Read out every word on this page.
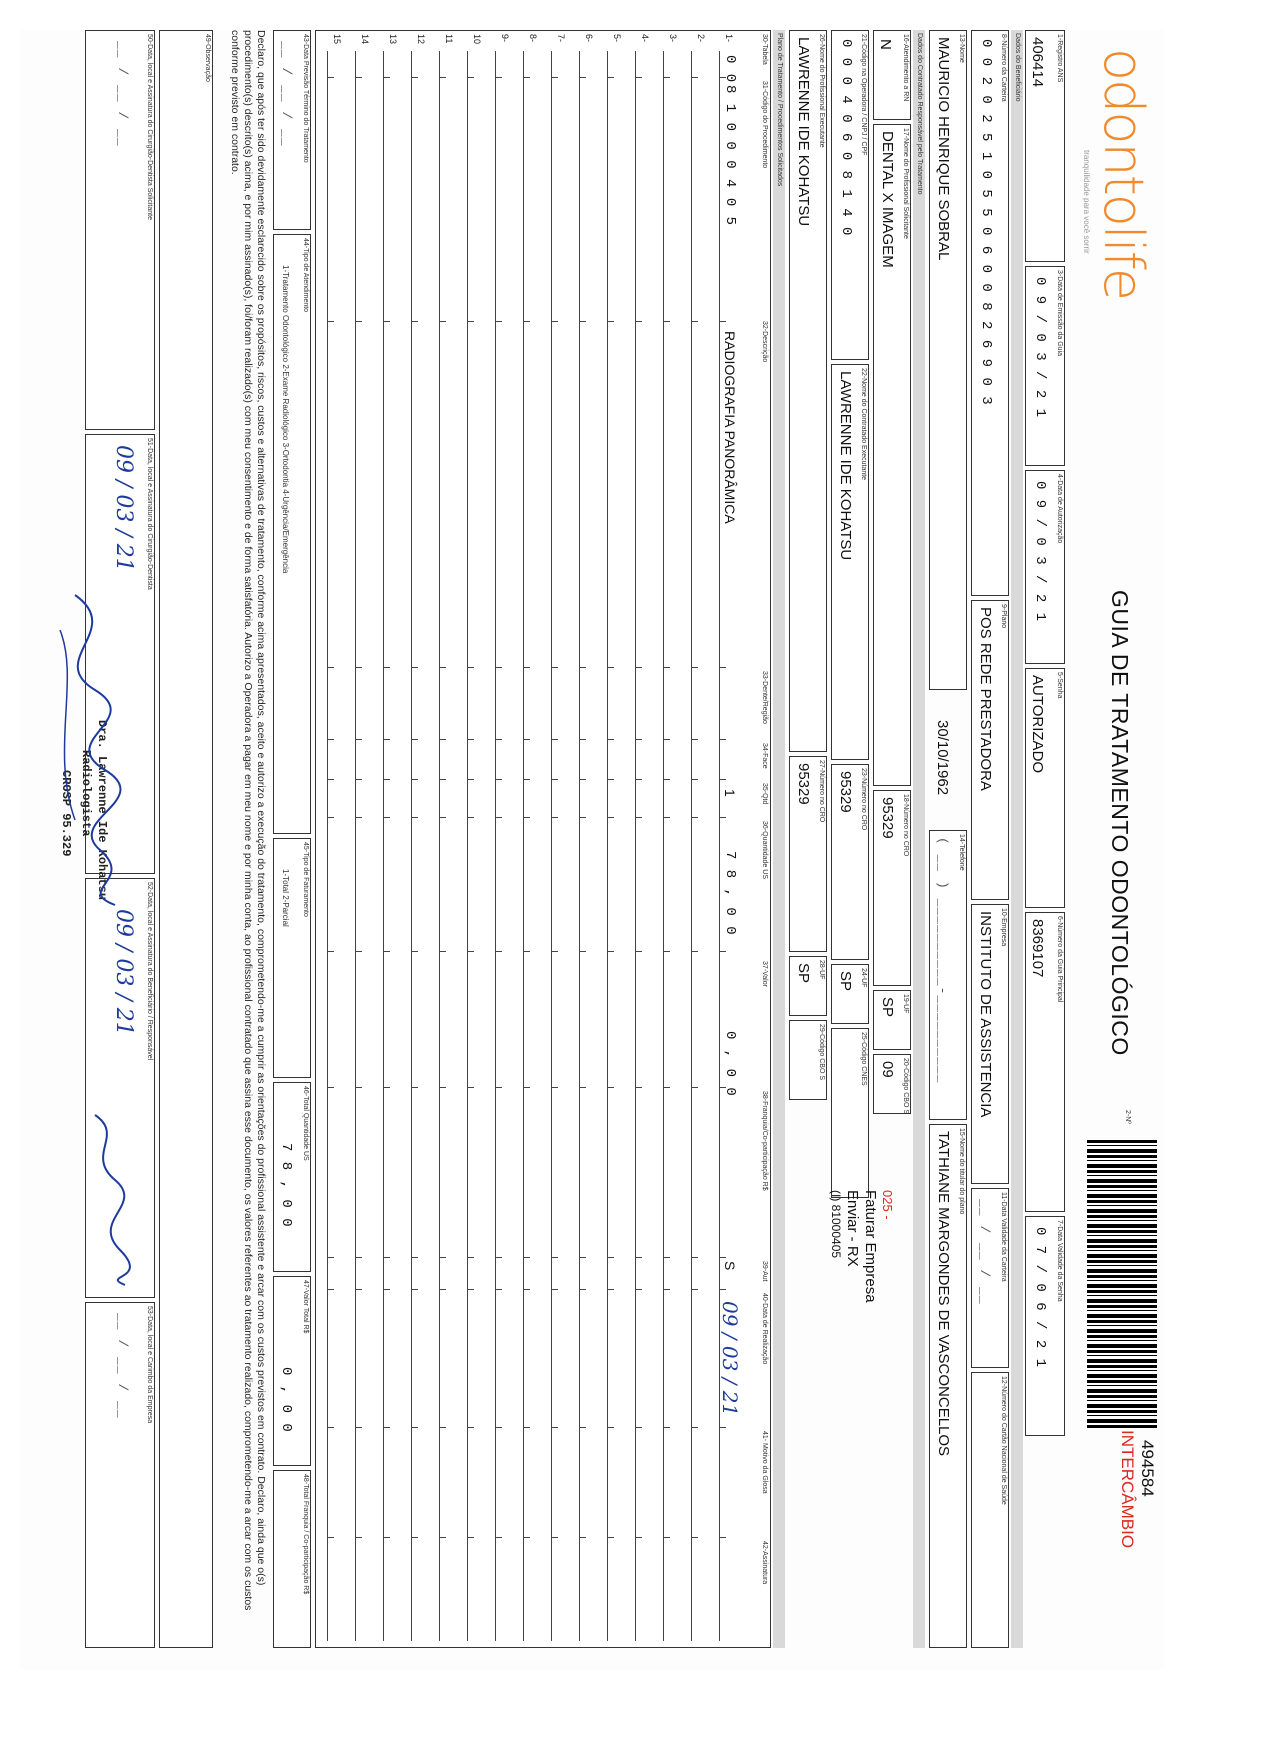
odontolife
tranquilidade para você sorrir
GUIA DE TRATAMENTO ODONTOLÓGICO
2-Nº
494584
INTERCÂMBIO
1-Registro ANS
406414
3-Data de Emissão da Guia
0 9 / 0 3 / 2 1
4-Data de Autorização
0 9 / 0 3 / 2 1
5-Senha
AUTORIZADO
6-Número da Guia Principal
8369107
7-Data Validade da Senha
0 7 / 0 6 / 2 1
Dados do Beneficiário
8-Número da Carteira
0 0 2 0 2 5 1 0 5 5 0 6 0 0 8 2 6 9 0 3
9-Plano
POS REDE PRESTADORA
10-Empresa
INSTITUTO DE ASSISTENCIA
11-Data Validade da Carteira
__ / __ / __
12-Número do Cartão Nacional de Saúde
13-Nome
MAURICIO HENRIQUE SOBRAL
30/10/1962
14-Telefone
( __ ) __________-__________
15-Nome do titular do plano
TATHIANE MARGONDES DE VASCONCELLOS
Dados do Contratado Responsável pelo Tratamento
16-Atendimento a RN
N
17-Nome do Profissional Solicitante
DENTAL X IMAGEM
18-Número no CRO
95329
19-UF
SP
20-Código CBO S
09
21-Código na Operadora / CNPJ / CPF
0 0 0 4 0 6 0 8 1 4 0
22-Nome do Contratado Executante
LAWRENNE IDE KOHATSU
23-Número no CRO
95329
24-UF
SP
25-Código CNES
26-Nome do Profissional Executante
LAWRENNE IDE KOHATSU
27-Número no CRO
95329
28-UF
SP
29-Código CBO S
025 -
Faturar Empresa
Enviar - RX
(I) 81000405
Plano de Tratamento / Procedimentos Solicitados
30-Tabela
31-Código do Procedimento
32-Descrição
33-Dente/Região
34-Face
35-Qtd
36-Quantidade US
37-Valor
38-Franquia/Co-participação R$
39-Aut
40-Data de Realização
41- Motivo da Glosa
42-Assinatura
1-
0 0
8 1 0 0 0 4 0 5
RADIOGRAFIA PANORÂMICA
1
7 8 , 0 0
0 , 0 0
S
09 / 03 / 21
2-
3-
4-
5-
6-
7-
8-
9-
10
11
12
13
14
15
43-Data Previsão Término do Tratamento
__ / __ / __
44-Tipo de Atendimento
1-Tratamento Odontológico 2-Exame Radiológico 3-Ortodontia 4-Urgência/Emergência
45-Tipo de Faturamento
1-Total 2-Parcial
46-Total Quantidade US
7 8 , 0 0
47-Valor Total R$
0 , 0 0
48-Total Franquia / Co-participação R$
Declaro, que após ter sido devidamente esclarecido sobre os propósitos, riscos, custos e alternativas de tratamento, conforme acima apresentados, aceito e autorizo a execução do tratamento, comprometendo-me a cumprir as orientações do profissional assistente e arcar com os custos previstos em contrato. Declaro, ainda que o(s) procedimento(s) descrito(s) acima, e por mim assinado(s), foi/foram realizado(s) com meu consentimento e de forma satisfatória. Autorizo a Operadora a pagar em meu nome e por minha conta, ao profissional contratado que assina esse documento, os valores referentes ao tratamento realizado, comprometendo-me a arcar com os custos conforme previsto em contrato.
49-Observação
50-Data, local e Assinatura do Cirurgião-Dentista Solicitante
__ / __ / __
51-Data, local e Assinatura do Cirurgião-Dentista
09 / 03 / 21
52-Data, local e Assinatura do Beneficiário / Responsável
09 / 03 / 21
53-Data, local e Carimbo da Empresa
__ / __ / __
Dra. Lawrenne Ide Kohatsu
Radiologista
CROSP 95.329
